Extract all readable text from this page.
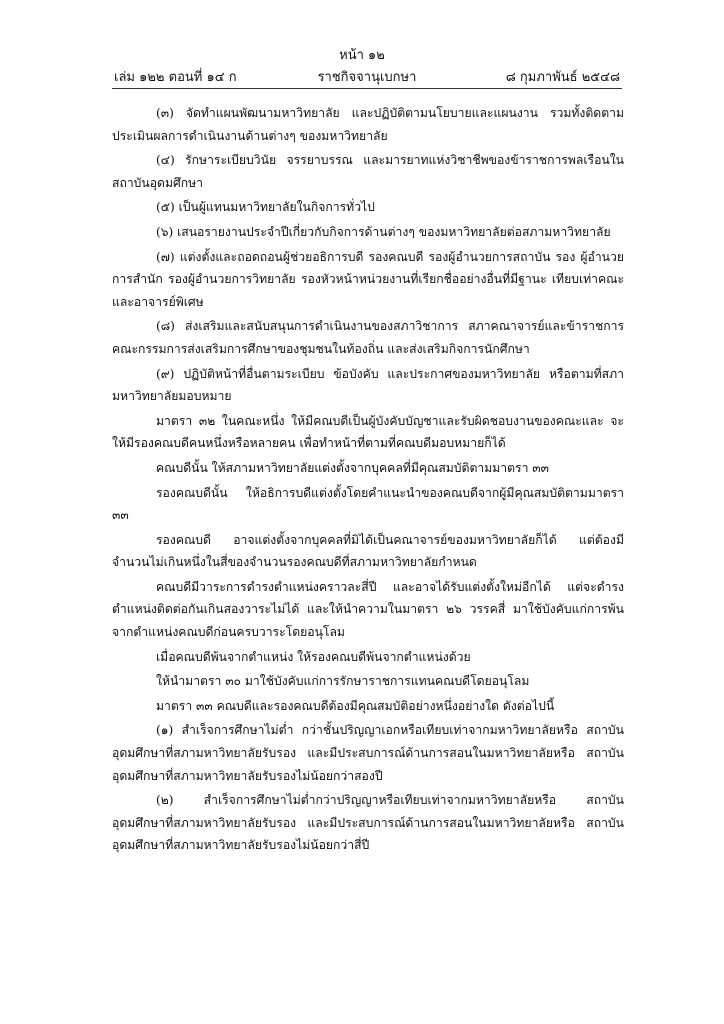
หน้า ๑๒
เล่ม ๑๒๒ ตอนที่ ๑๔ ก	ราชกิจจานุเบกษา	๘ กุมภาพันธ์ ๒๕๔๘

(๓) จัดทำแผนพัฒนามหาวิทยาลัย และปฏิบัติตามนโยบายและแผนงาน รวมทั้งติดตาม ประเมินผลการดำเนินงานด้านต่างๆ ของมหาวิทยาลัย

(๔) รักษาระเบียบวินัย จรรยาบรรณ และมารยาทแห่งวิชาชีพของข้าราชการพลเรือนใน สถาบันอุดมศึกษา

(๕) เป็นผู้แทนมหาวิทยาลัยในกิจการทั่วไป

(๖) เสนอรายงานประจำปีเกี่ยวกับกิจการด้านต่างๆ ของมหาวิทยาลัยต่อสภามหาวิทยาลัย

(๗) แต่งตั้งและถอดถอนผู้ช่วยอธิการบดี รองคณบดี รองผู้อำนวยการสถาบัน รอง ผู้อำนวยการสำนัก รองผู้อำนวยการวิทยาลัย รองหัวหน้าหน่วยงานที่เรียกชื่ออย่างอื่นที่มีฐานะ เทียบเท่าคณะ และอาจารย์พิเศษ

(๘) ส่งเสริมและสนับสนุนการดำเนินงานของสภาวิชาการ สภาคณาจารย์และข้าราชการ คณะกรรมการส่งเสริมการศึกษาของชุมชนในท้องถิ่น และส่งเสริมกิจการนักศึกษา

(๙) ปฏิบัติหน้าที่อื่นตามระเบียบ ข้อบังคับ และประกาศของมหาวิทยาลัย หรือตามที่สภา มหาวิทยาลัยมอบหมาย

มาตรา ๓๒ ในคณะหนึ่ง ให้มีคณบดีเป็นผู้บังคับบัญชาและรับผิดชอบงานของคณะและ จะให้มีรองคณบดีคนหนึ่งหรือหลายคน เพื่อทำหน้าที่ตามที่คณบดีมอบหมายก็ได้

คณบดีนั้น ให้สภามหาวิทยาลัยแต่งตั้งจากบุคคลที่มีคุณสมบัติตามมาตรา ๓๓

รองคณบดีนั้น ให้อธิการบดีแต่งตั้งโดยคำแนะนำของคณบดีจากผู้มีคุณสมบัติตามมาตรา ๓๓

รองคณบดี อาจแต่งตั้งจากบุคคลที่มิได้เป็นคณาจารย์ของมหาวิทยาลัยก็ได้ แต่ต้องมี จำนวนไม่เกินหนึ่งในสี่ของจำนวนรองคณบดีที่สภามหาวิทยาลัยกำหนด

คณบดีมีวาระการดำรงตำแหน่งคราวละสี่ปี และอาจได้รับแต่งตั้งใหม่อีกได้ แต่จะดำรง ตำแหน่งติดต่อกันเกินสองวาระไม่ได้ และให้นำความในมาตรา ๒๖ วรรคสี่ มาใช้บังคับแก่การพ้น จากตำแหน่งคณบดีก่อนครบวาระโดยอนุโลม

เมื่อคณบดีพ้นจากตำแหน่ง ให้รองคณบดีพ้นจากตำแหน่งด้วย

ให้นำมาตรา ๓๐ มาใช้บังคับแก่การรักษาราชการแทนคณบดีโดยอนุโลม

มาตรา ๓๓ คณบดีและรองคณบดีต้องมีคุณสมบัติอย่างหนึ่งอย่างใด ดังต่อไปนี้

(๑) สำเร็จการศึกษาไม่ต่ำ กว่าชั้นปริญญาเอกหรือเทียบเท่าจากมหาวิทยาลัยหรือ สถาบันอุดมศึกษาที่สภามหาวิทยาลัยรับรอง และมีประสบการณ์ด้านการสอนในมหาวิทยาลัยหรือ สถาบันอุดมศึกษาที่สภามหาวิทยาลัยรับรองไม่น้อยกว่าสองปี

(๒) สำเร็จการศึกษาไม่ต่ำกว่าปริญญาหรือเทียบเท่าจากมหาวิทยาลัยหรือ สถาบันอุดมศึกษาที่สภามหาวิทยาลัยรับรอง และมีประสบการณ์ด้านการสอนในมหาวิทยาลัยหรือ สถาบันอุดมศึกษาที่สภามหาวิทยาลัยรับรองไม่น้อยกว่าสี่ปี
